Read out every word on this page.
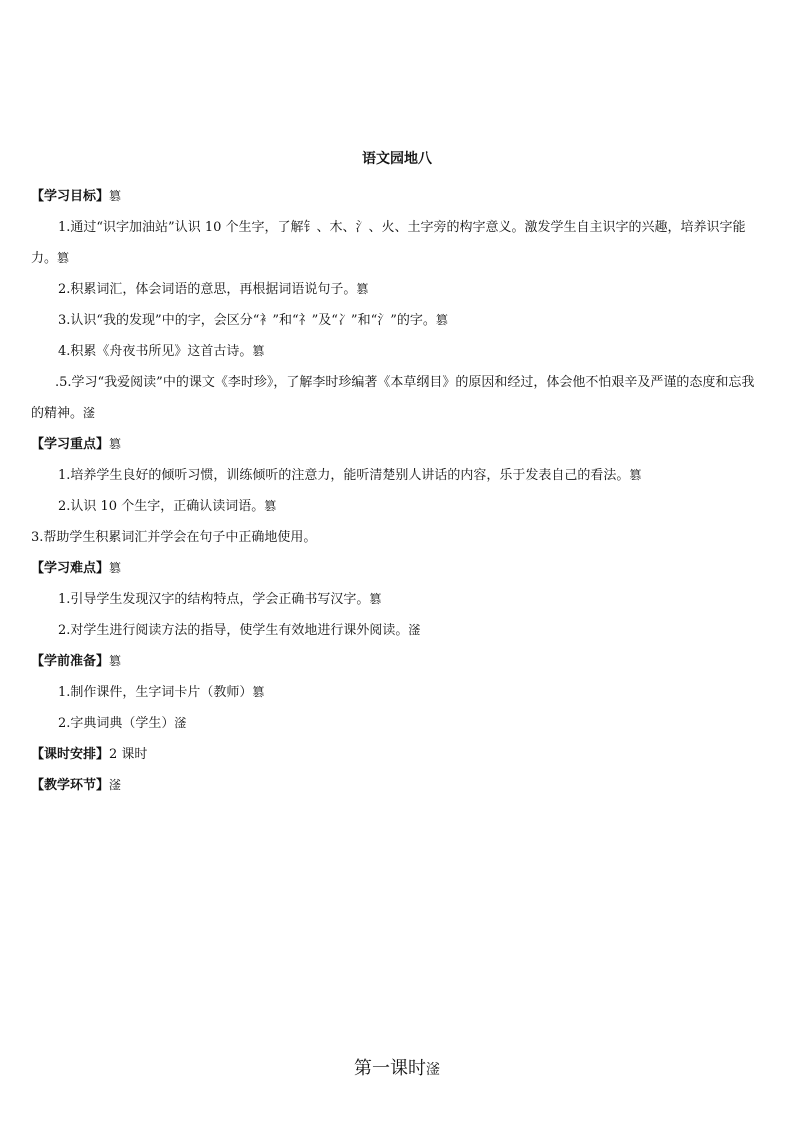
语文园地八
【学习目标】​篡
1.通过“识字加油站”认识 10 个生字，了解钅、木、氵、火、土字旁的构字意义。激发学生自主识字的兴趣，培养识字能力。​篡
2.积累词汇，体会词语的意思，再根据词语说句子。​篡
3.认识“我的发现”中的字，会区分“衤”和“礻”及“冫”和“氵”的字。​篡
4.积累《舟夜书所见》这首古诗。​篡
.5.学习“我爱阅读”中的课文《李时珍》，了解李时珍编著《本草纲目》的原因和经过，体会他不怕艰辛及严谨的态度和忘我的精神。​滏
【学习重点】​篡
1.培养学生良好的倾听习惯，训练倾听的注意力，能听清楚别人讲话的内容，乐于发表自己的看法。​篡
2.认识 10 个生字，正确认读词语。​篡
3.帮助学生积累词汇并学会在句子中正确地使用。
【学习难点】​篡
1.引导学生发现汉字的结构特点，学会正确书写汉字。​篡
2.对学生进行阅读方法的指导，使学生有效地进行课外阅读。​滏
【学前准备】​篡
1.制作课件，生字词卡片（教师）​篡
2.字典词典（学生）​滏
【课时安排】2 课时
【教学环节】​滏
第一课时​滏
